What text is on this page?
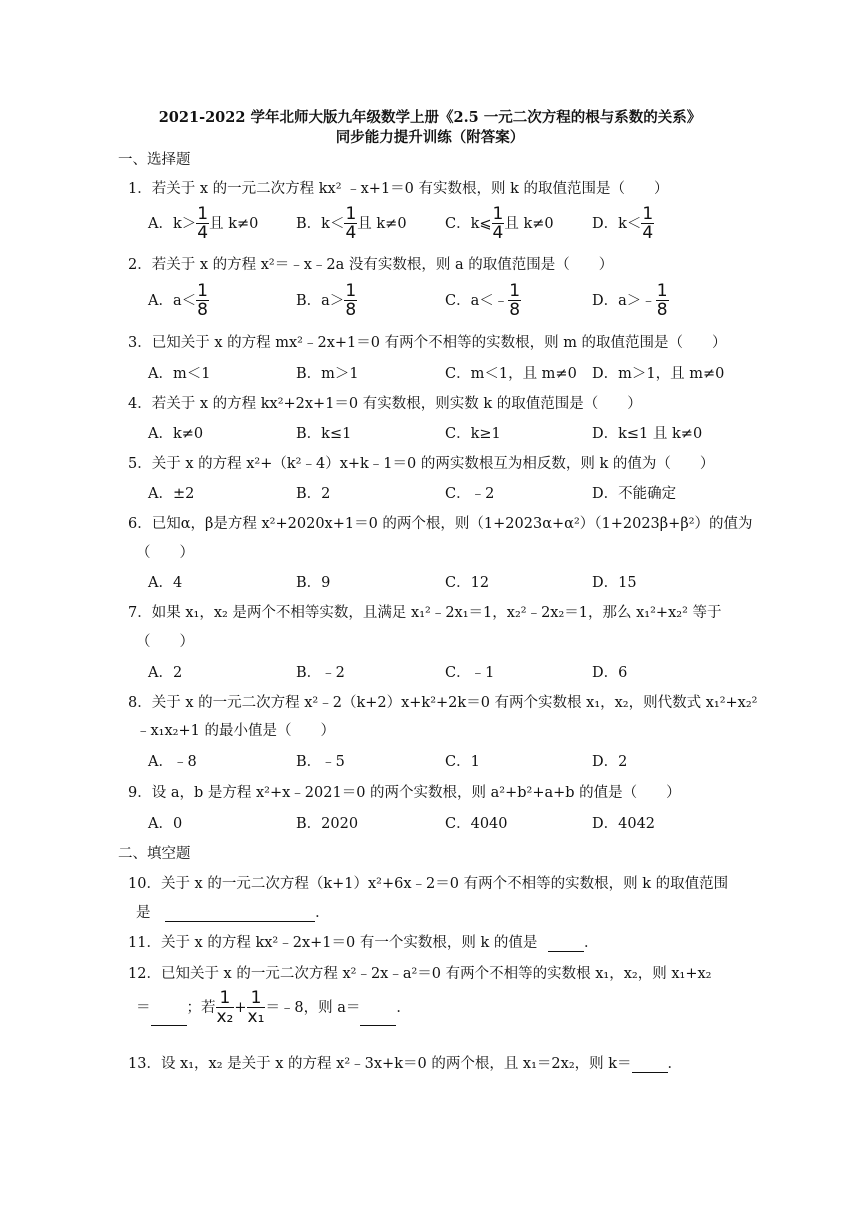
2021-2022 学年北师大版九年级数学上册《2.5 一元二次方程的根与系数的关系》
同步能力提升训练（附答案）
一、选择题
1．若关于 x 的一元二次方程 kx² ﹣x+1＝0 有实数根，则 k 的取值范围是（　　）
A．$k> \frac{1}{4}$ 且 k≠0	B．$k< \frac{1}{4}$ 且 k≠0	C．k⩽ $\frac{1}{4}$ 且 k≠0	D．$k< \frac{1}{4}$
2．若关于 x 的方程 x²＝﹣x﹣2a 没有实数根，则 a 的取值范围是（　　）
A．$a< \frac{1}{8}$	B．$a> \frac{1}{8}$	C．a＜﹣ $\frac{1}{8}$	D．a＞﹣ $\frac{1}{8}$
3．已知关于 x 的方程 mx²﹣2x+1＝0 有两个不相等的实数根，则 m 的取值范围是（　　）
A．m＜1	B．m＞1	C．m＜1，且 m≠0 D．m＞1，且 m≠0
4．若关于 x 的方程 kx²+2x+1＝0 有实数根，则实数 k 的取值范围是（　　）
A．k≠0	B．k≤1	C．k≥1	D．k≤1 且 k≠0
5．关于 x 的方程 x²+（k²﹣4）x+k﹣1＝0 的两实数根互为相反数，则 k 的值为（　　）
A．±2	B．2	C．﹣2	D．不能确定
6．已知α，β是方程 x²+2020x+1＝0 的两个根，则（1+2023α+α²）（1+2023β+β²）的值为
（　　）
A．4	B．9	C．12	D．15
7．如果 x₁，x₂ 是两个不相等实数，且满足 x₁²﹣2x₁＝1，x₂²﹣2x₂＝1，那么 x₁²+x₂² 等于
（　　）
A．2	B．﹣2	C．﹣1	D．6
8．关于 x 的一元二次方程 x²﹣2（k+2）x+k²+2k＝0 有两个实数根 x₁，x₂，则代数式 x₁²+x₂²
﹣x₁x₂+1 的最小值是（　　）
A．﹣8	B．﹣5	C．1	D．2
9．设 a，b 是方程 x²+x﹣2021＝0 的两个实数根，则 a²+b²+a+b 的值是（　　）
A．0	B．2020	C．4040	D．4042
二、填空题
10．关于 x 的一元二次方程（k+1）x²+6x﹣2＝0 有两个不相等的实数根，则 k 的取值范围
是	．
11．关于 x 的方程 kx²﹣2x+1＝0 有一个实数根，则 k 的值是	．
12．已知关于 x 的一元二次方程 x²﹣2x﹣a²＝0 有两个不相等的实数根 x₁，x₂，则 x₁+x₂
＝ ；若 $\frac{1}{\text{x₂}} + \frac{1}{\text{x₁}}$ ＝﹣8，则 a＝ ．
13．设 x₁，x₂ 是关于 x 的方程 x²﹣3x+k＝0 的两个根，且 x₁＝2x₂，则 k＝ ．
